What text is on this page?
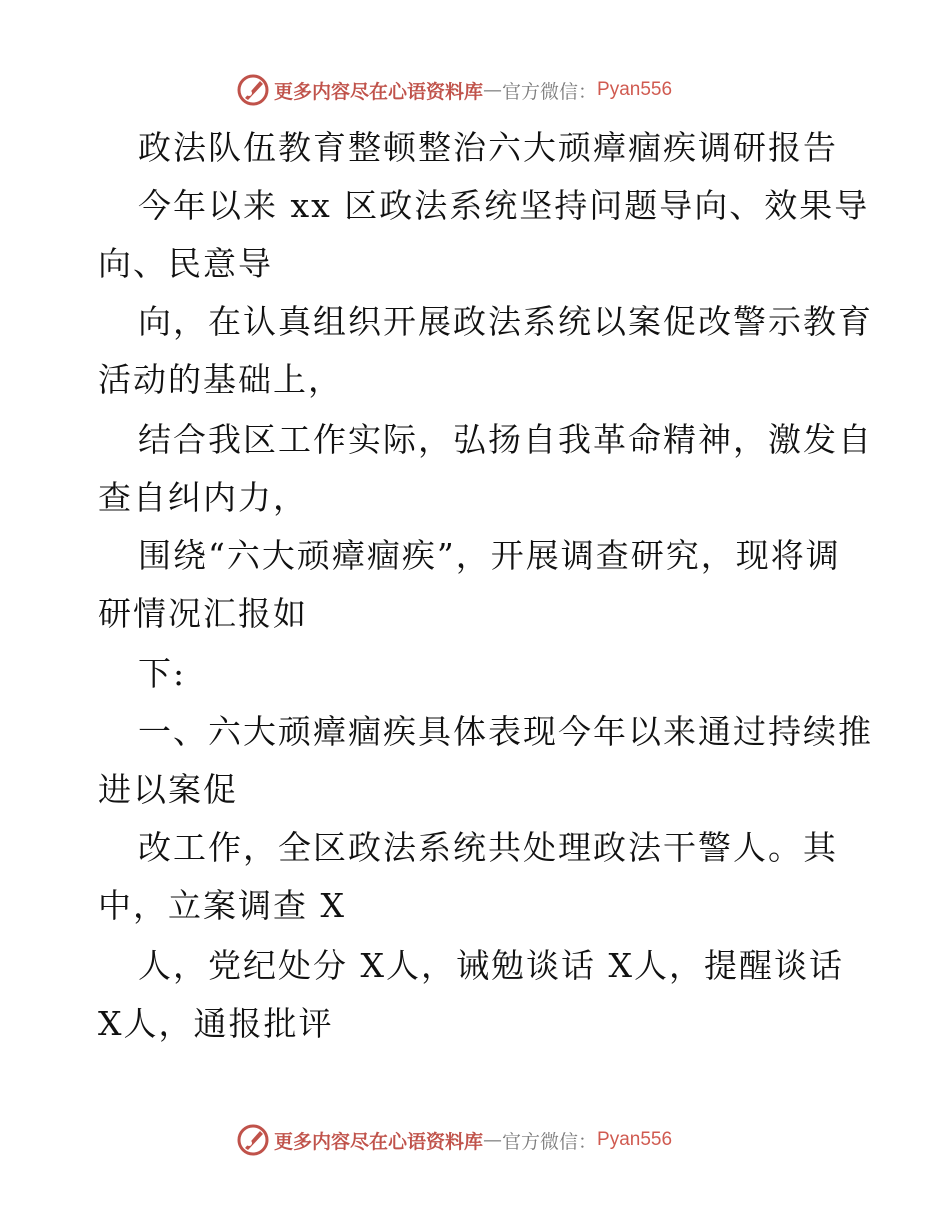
更多内容尽在心语资料库 — 官方微信： Pyan556
政法队伍教育整顿整治六大顽瘴痼疾调研报告
今年以来 xx 区政法系统坚持问题导向、效果导
向、民意导
向，在认真组织开展政法系统以案促改警示教育
活动的基础上，
结合我区工作实际，弘扬自我革命精神，激发自
查自纠内力，
围绕“六大顽瘴痼疾”，开展调查研究，现将调
研情况汇报如
下:
一、六大顽瘴痼疾具体表现今年以来通过持续推
进以案促
改工作，全区政法系统共处理政法干警人。其
中，立案调查 X
人，党纪处分 X人，诫勉谈话 X人，提醒谈话
X人，通报批评
更多内容尽在心语资料库 — 官方微信： Pyan556
